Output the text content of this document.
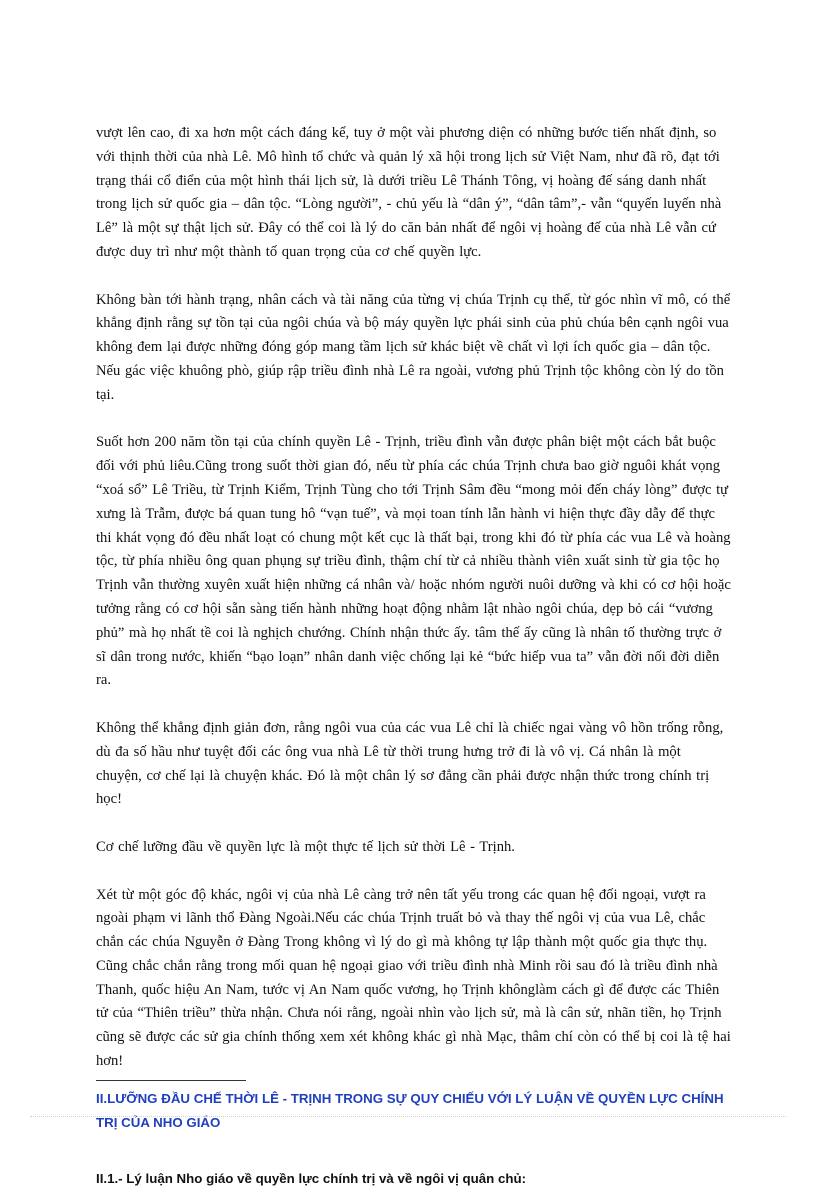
vượt lên cao, đi xa hơn một cách đáng kể, tuy ở một vài phương diện có những bước tiến nhất định, so với thịnh thời của nhà Lê. Mô hình tổ chức và quản lý xã hội trong lịch sử Việt Nam, như đã rõ, đạt tới trạng thái cổ điển của một hình thái lịch sử, là dưới triều Lê Thánh Tông, vị hoàng đế sáng danh nhất trong lịch sử quốc gia – dân tộc. “Lòng người”, - chủ yếu là “dân ý”, “dân tâm”,- vẫn “quyến luyến nhà Lê” là một sự thật lịch sử. Đây có thể coi là lý do căn bản nhất để ngôi vị hoàng đế của nhà Lê vẫn cứ được duy trì như một thành tố quan trọng của cơ chế quyền lực.

Không bàn tới hành trạng, nhân cách và tài năng của từng vị chúa Trịnh cụ thể, từ góc nhìn vĩ mô, có thể khẳng định rằng sự tồn tại của ngôi chúa và bộ máy quyền lực phái sinh của phủ chúa bên cạnh ngôi vua không đem lại được những đóng góp mang tầm lịch sử khác biệt về chất vì lợi ích quốc gia – dân tộc. Nếu gác việc khuông phò, giúp rập triều đình nhà Lê ra ngoài, vương phủ Trịnh tộc không còn lý do tồn tại.

Suốt hơn 200 năm tồn tại của chính quyền Lê - Trịnh, triều đình vẫn được phân biệt một cách bắt buộc đối với phủ liêu.Cũng trong suốt thời gian đó, nếu từ phía các chúa Trịnh chưa bao giờ nguôi khát vọng “xoá sổ” Lê Triều, từ Trịnh Kiểm, Trịnh Tùng cho tới Trịnh Sâm đều “mong mỏi đến cháy lòng” được tự xưng là Trẫm, được bá quan tung hô “vạn tuế”, và mọi toan tính lẫn hành vi hiện thực đầy dẫy để thực thi khát vọng đó đều nhất loạt có chung một kết cục là thất bại, trong khi đó từ phía các vua Lê và hoàng tộc, từ phía nhiều ông quan phụng sự triều đình, thậm chí từ cả nhiều thành viên xuất sinh từ gia tộc họ Trịnh vẫn thường xuyên xuất hiện những cá nhân và/ hoặc nhóm người nuôi dưỡng và khi có cơ hội hoặc tưởng rằng có cơ hội sẵn sàng tiến hành những hoạt động nhằm lật nhào ngôi chúa, dẹp bỏ cái “vương phủ” mà họ nhất tề coi là nghịch chướng. Chính nhận thức ấy. tâm thế ấy cũng là nhân tố thường trực ở sĩ dân trong nước, khiến “bạo loạn” nhân danh việc chống lại kẻ “bức hiếp vua ta” vẫn đời nối đời diễn ra.

Không thể khẳng định giản đơn, rằng ngôi vua của các vua Lê chỉ là chiếc ngai vàng vô hồn trống rỗng, dù đa số hầu như tuyệt đối các ông vua nhà Lê từ thời trung hưng trở đi là vô vị. Cá nhân là một chuyện, cơ chế lại là chuyện khác. Đó là một chân lý sơ đẳng cần phải được nhận thức trong chính trị học!

Cơ chế lưỡng đầu về quyền lực là một thực tế lịch sử thời Lê - Trịnh.

Xét từ một góc độ khác, ngôi vị của nhà Lê càng trở nên tất yếu trong các quan hệ đối ngoại, vượt ra ngoài phạm vi lãnh thổ Đàng Ngoài.Nếu các chúa Trịnh truất bỏ và thay thế ngôi vị của vua Lê, chắc chắn các chúa Nguyễn ở Đàng Trong không vì lý do gì mà không tự lập thành một quốc gia thực thụ. Cũng chắc chắn rằng trong mối quan hệ ngoại giao với triều đình nhà Minh rồi sau đó là triều đình nhà Thanh, quốc hiệu An Nam, tước vị An Nam quốc vương, họ Trịnh khônglàm cách gì để được các Thiên tử của “Thiên triều” thừa nhận. Chưa nói rằng, ngoài nhìn vào lịch sử, mà là cân sử, nhãn tiền, họ Trịnh cũng sẽ được các sử gia chính thống xem xét không khác gì nhà Mạc, thâm chí còn có thể bị coi là tệ hai hơn!

II.LƯỠNG ĐẦU CHẾ THỜI LÊ - TRỊNH TRONG SỰ QUY CHIẾU VỚI LÝ LUẬN VỀ QUYỀN LỰC CHÍNH TRỊ CỦA NHO GIÁO

II.1.- Lý luận Nho giáo về quyền lực chính trị và về ngôi vị quân chủ:
